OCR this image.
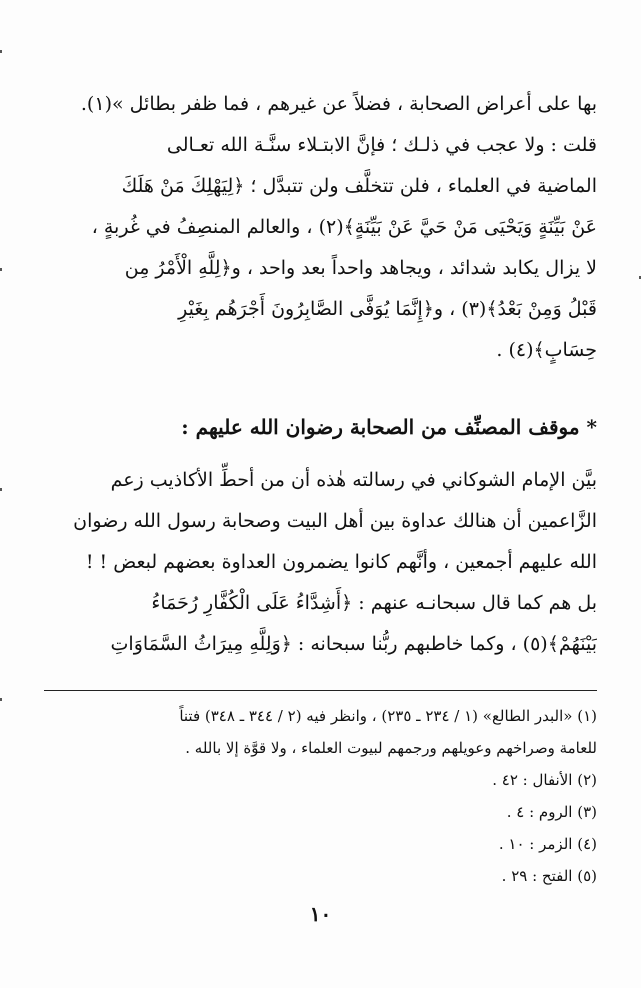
بها على أعراض الصحابة ، فضلاً عن غيرهم ، فما ظفر بطائل »(١).
قلت : ولا عجب في ذلـك ؛ فإنَّ الابتـلاء سنَّـة الله تعـالى
الماضية في العلماء ، فلن تتخلَّف ولن تتبدَّل ؛ ﴿لِيَهْلِكَ مَنْ هَلَكَ
عَنْ بَيِّنَةٍ وَيَحْيَى مَنْ حَيَّ عَنْ بَيِّنَةٍ﴾(٢) ، والعالم المنصِفُ في غُربةٍ ،
لا يزال يكابد شدائد ، ويجاهد واحداً بعد واحد ، و﴿لِلَّهِ الْأَمْرُ مِن
قَبْلُ وَمِنْ بَعْدُ﴾(٣) ، و﴿إِنَّمَا يُوَفَّى الصَّابِرُونَ أَجْرَهُم بِغَيْرِ
حِسَابٍ﴾(٤) .
* موقف المصنِّف من الصحابة رضوان الله عليهم :
بيَّن الإمام الشوكاني في رسالته هٰذه أن من أحطِّ الأكاذيب زعم
الزَّاعمين أن هنالك عداوة بين أهل البيت وصحابة رسول الله رضوان
الله عليهم أجمعين ، وأنَّهم كانوا يضمرون العداوة بعضهم لبعض ! !
بل هم كما قال سبحانـه عنهم : ﴿أَشِدَّاءُ عَلَى الْكُفَّارِ رُحَمَاءُ
بَيْنَهُمْ﴾(٥) ، وكما خاطبهم ربُّنا سبحانه : ﴿وَلِلَّهِ مِيرَاثُ السَّمَاوَاتِ
(١) «البدر الطالع» (١ / ٢٣٤ ـ ٢٣٥) ، وانظر فيه (٢ / ٣٤٤ ـ ٣٤٨) فتناً
للعامة وصراخهم وعويلهم ورجمهم لبيوت العلماء ، ولا قوَّة إلا بالله .
(٢) الأنفال : ٤٢ .
(٣) الروم : ٤ .
(٤) الزمر : ١٠ .
(٥) الفتح : ٢٩ .
١٠
